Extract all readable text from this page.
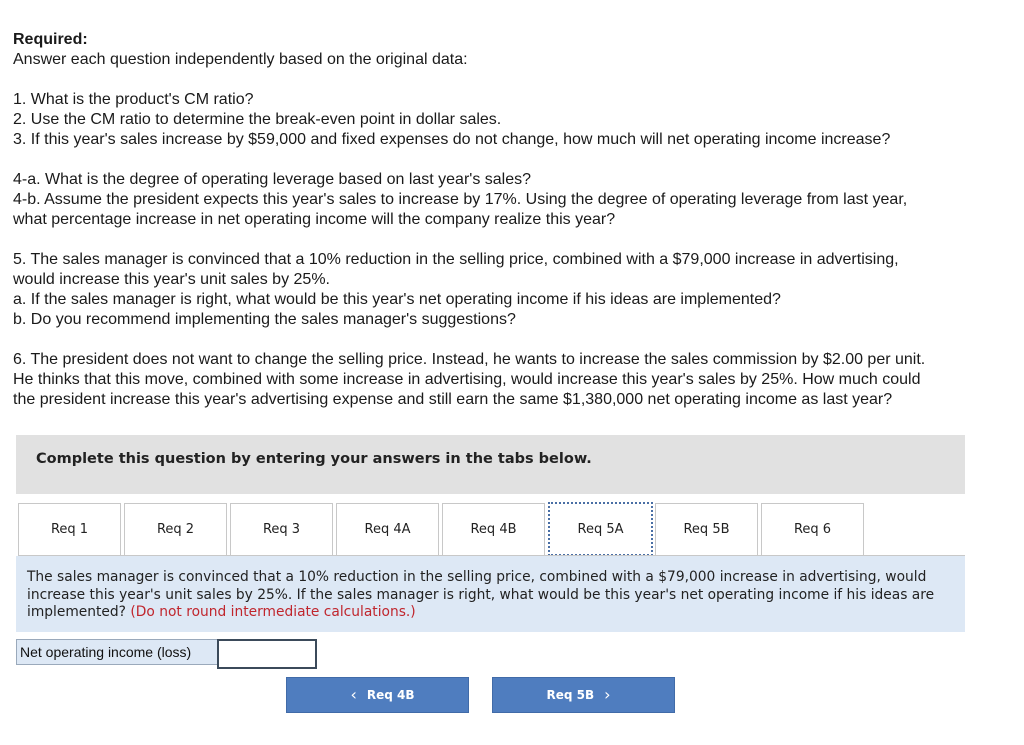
Required:
Answer each question independently based on the original data:
1. What is the product's CM ratio?
2. Use the CM ratio to determine the break-even point in dollar sales.
3. If this year's sales increase by $59,000 and fixed expenses do not change, how much will net operating income increase?
4-a. What is the degree of operating leverage based on last year's sales?
4-b. Assume the president expects this year's sales to increase by 17%. Using the degree of operating leverage from last year,
what percentage increase in net operating income will the company realize this year?
5. The sales manager is convinced that a 10% reduction in the selling price, combined with a $79,000 increase in advertising,
would increase this year's unit sales by 25%.
a. If the sales manager is right, what would be this year's net operating income if his ideas are implemented?
b. Do you recommend implementing the sales manager's suggestions?
6. The president does not want to change the selling price. Instead, he wants to increase the sales commission by $2.00 per unit.
He thinks that this move, combined with some increase in advertising, would increase this year's sales by 25%. How much could
the president increase this year's advertising expense and still earn the same $1,380,000 net operating income as last year?
Complete this question by entering your answers in the tabs below.
Req 1	Req 2	Req 3	Req 4A	Req 4B	Req 5A	Req 5B	Req 6
The sales manager is convinced that a 10% reduction in the selling price, combined with a $79,000 increase in advertising, would increase this year's unit sales by 25%. If the sales manager is right, what would be this year's net operating income if his ideas are implemented? (Do not round intermediate calculations.)
Net operating income (loss)
‹ Req 4B	Req 5B ›
